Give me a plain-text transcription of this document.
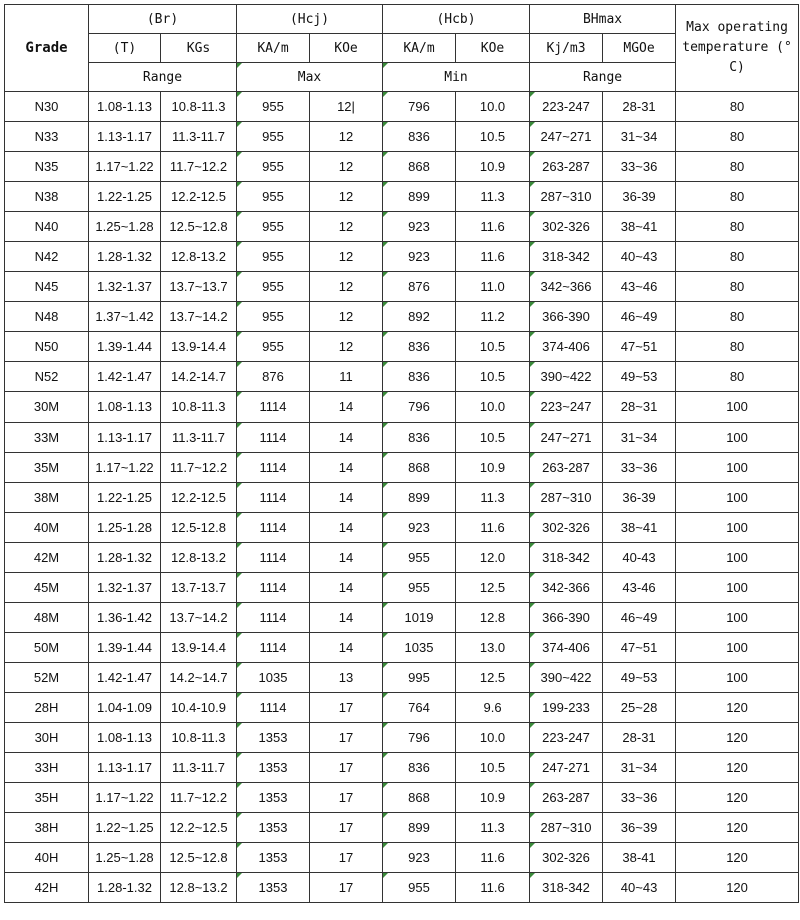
Grade	(Br)		(Hcj)		(Hcb)		BHmax		Max operating temperature (° C)
	(T)	KGs	KA/m	KOe	KA/m	KOe	Kj/m3	MGOe	
	Range		Max		Min		Range		
N30	1.08-1.13	10.8-11.3	955	12|	796	10.0	223-247	28-31	80
N33	1.13-1.17	11.3-11.7	955	12	836	10.5	247~271	31~34	80
N35	1.17~1.22	11.7~12.2	955	12	868	10.9	263-287	33~36	80
N38	1.22-1.25	12.2-12.5	955	12	899	11.3	287~310	36-39	80
N40	1.25~1.28	12.5~12.8	955	12	923	11.6	302-326	38~41	80
N42	1.28-1.32	12.8-13.2	955	12	923	11.6	318-342	40~43	80
N45	1.32-1.37	13.7~13.7	955	12	876	11.0	342~366	43~46	80
N48	1.37~1.42	13.7~14.2	955	12	892	11.2	366-390	46~49	80
N50	1.39-1.44	13.9-14.4	955	12	836	10.5	374-406	47~51	80
N52	1.42-1.47	14.2-14.7	876	11	836	10.5	390~422	49~53	80
30M	1.08-1.13	10.8-11.3	1114	14	796	10.0	223~247	28~31	100
33M	1.13-1.17	11.3-11.7	1114	14	836	10.5	247~271	31~34	100
35M	1.17~1.22	11.7~12.2	1114	14	868	10.9	263-287	33~36	100
38M	1.22-1.25	12.2-12.5	1114	14	899	11.3	287~310	36-39	100
40M	1.25-1.28	12.5-12.8	1114	14	923	11.6	302-326	38~41	100
42M	1.28-1.32	12.8-13.2	1114	14	955	12.0	318-342	40-43	100
45M	1.32-1.37	13.7-13.7	1114	14	955	12.5	342-366	43-46	100
48M	1.36-1.42	13.7~14.2	1114	14	1019	12.8	366-390	46~49	100
50M	1.39-1.44	13.9-14.4	1114	14	1035	13.0	374-406	47~51	100
52M	1.42-1.47	14.2~14.7	1035	13	995	12.5	390~422	49~53	100
28H	1.04-1.09	10.4-10.9	1114	17	764	9.6	199-233	25~28	120
30H	1.08-1.13	10.8-11.3	1353	17	796	10.0	223-247	28-31	120
33H	1.13-1.17	11.3-11.7	1353	17	836	10.5	247-271	31~34	120
35H	1.17~1.22	11.7~12.2	1353	17	868	10.9	263-287	33~36	120
38H	1.22~1.25	12.2~12.5	1353	17	899	11.3	287~310	36~39	120
40H	1.25~1.28	12.5~12.8	1353	17	923	11.6	302-326	38-41	120
42H	1.28-1.32	12.8~13.2	1353	17	955	11.6	318-342	40~43	120
